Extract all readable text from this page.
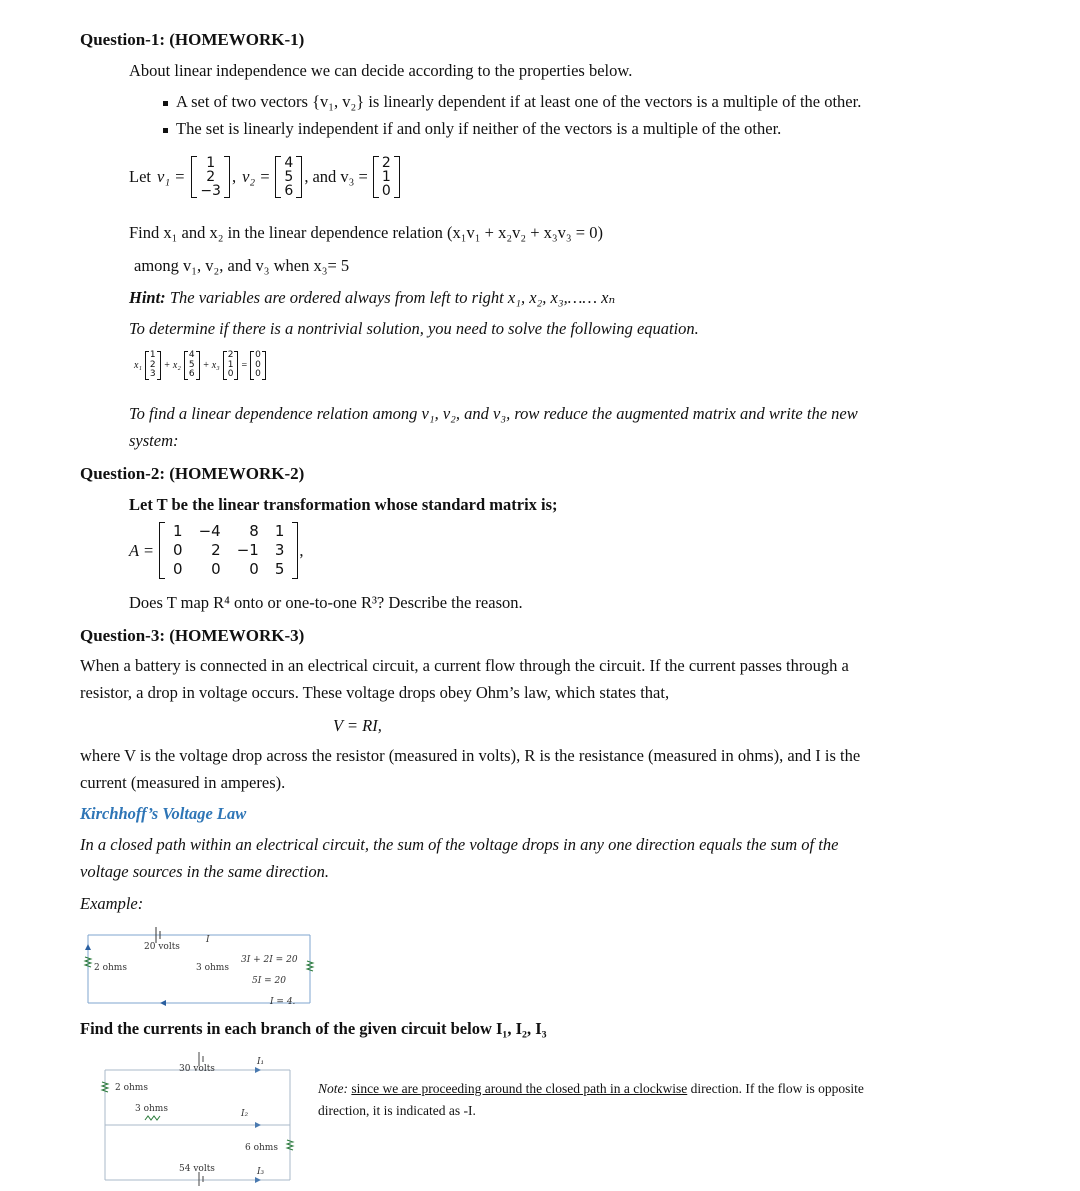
Question-1: (HOMEWORK-1)
About linear independence we can decide according to the properties below.
A set of two vectors {v₁, v₂} is linearly dependent if at least one of the vectors is a multiple of the other.
The set is linearly independent if and only if neither of the vectors is a multiple of the other.
Let v₁ =
1
2
−3
, v₂ =
4
5
6
, and v₃ =
2
1
0
Find x₁ and x₂ in the linear dependence relation (x₁v₁ + x₂v₂ + x₃v₃ = 0)
among v₁, v₂, and v₃ when x₃= 5
Hint: The variables are ordered always from left to right x₁, x₂, x₃,…… xₙ
To determine if there is a nontrivial solution, you need to solve the following equation.
x₁
1
2
3
+ x₂
4
5
6
+ x₃
2
1
0
=
0
0
0
To find a linear dependence relation among v₁, v₂, and v₃, row reduce the augmented matrix and write the new
system:
Question-2: (HOMEWORK-2)
Let T be the linear transformation whose standard matrix is;
A =
1	−4	8	1
0	2	−1	3
0	0	0	5
,
Does T map R⁴ onto or one-to-one R³? Describe the reason.
Question-3: (HOMEWORK-3)
When a battery is connected in an electrical circuit, a current flow through the circuit. If the current passes through a
resistor, a drop in voltage occurs. These voltage drops obey Ohm’s law, which states that,
V = RI,
where V is the voltage drop across the resistor (measured in volts), R is the resistance (measured in ohms), and I is the
current (measured in amperes).
Kirchhoff’s Voltage Law
In a closed path within an electrical circuit, the sum of the voltage drops in any one direction equals the sum of the
voltage sources in the same direction.
Example:
20 volts
I
2 ohms	3 ohms
3I + 2I = 20
5I = 20
I = 4.
Find the currents in each branch of the given circuit below I₁, I₂, I₃
30 volts
I₁
2 ohms
3 ohms	I₂
6 ohms
54 volts	I₃
Note: since we are proceeding around the closed path in a clockwise direction. If the flow is opposite
direction, it is indicated as -I.
